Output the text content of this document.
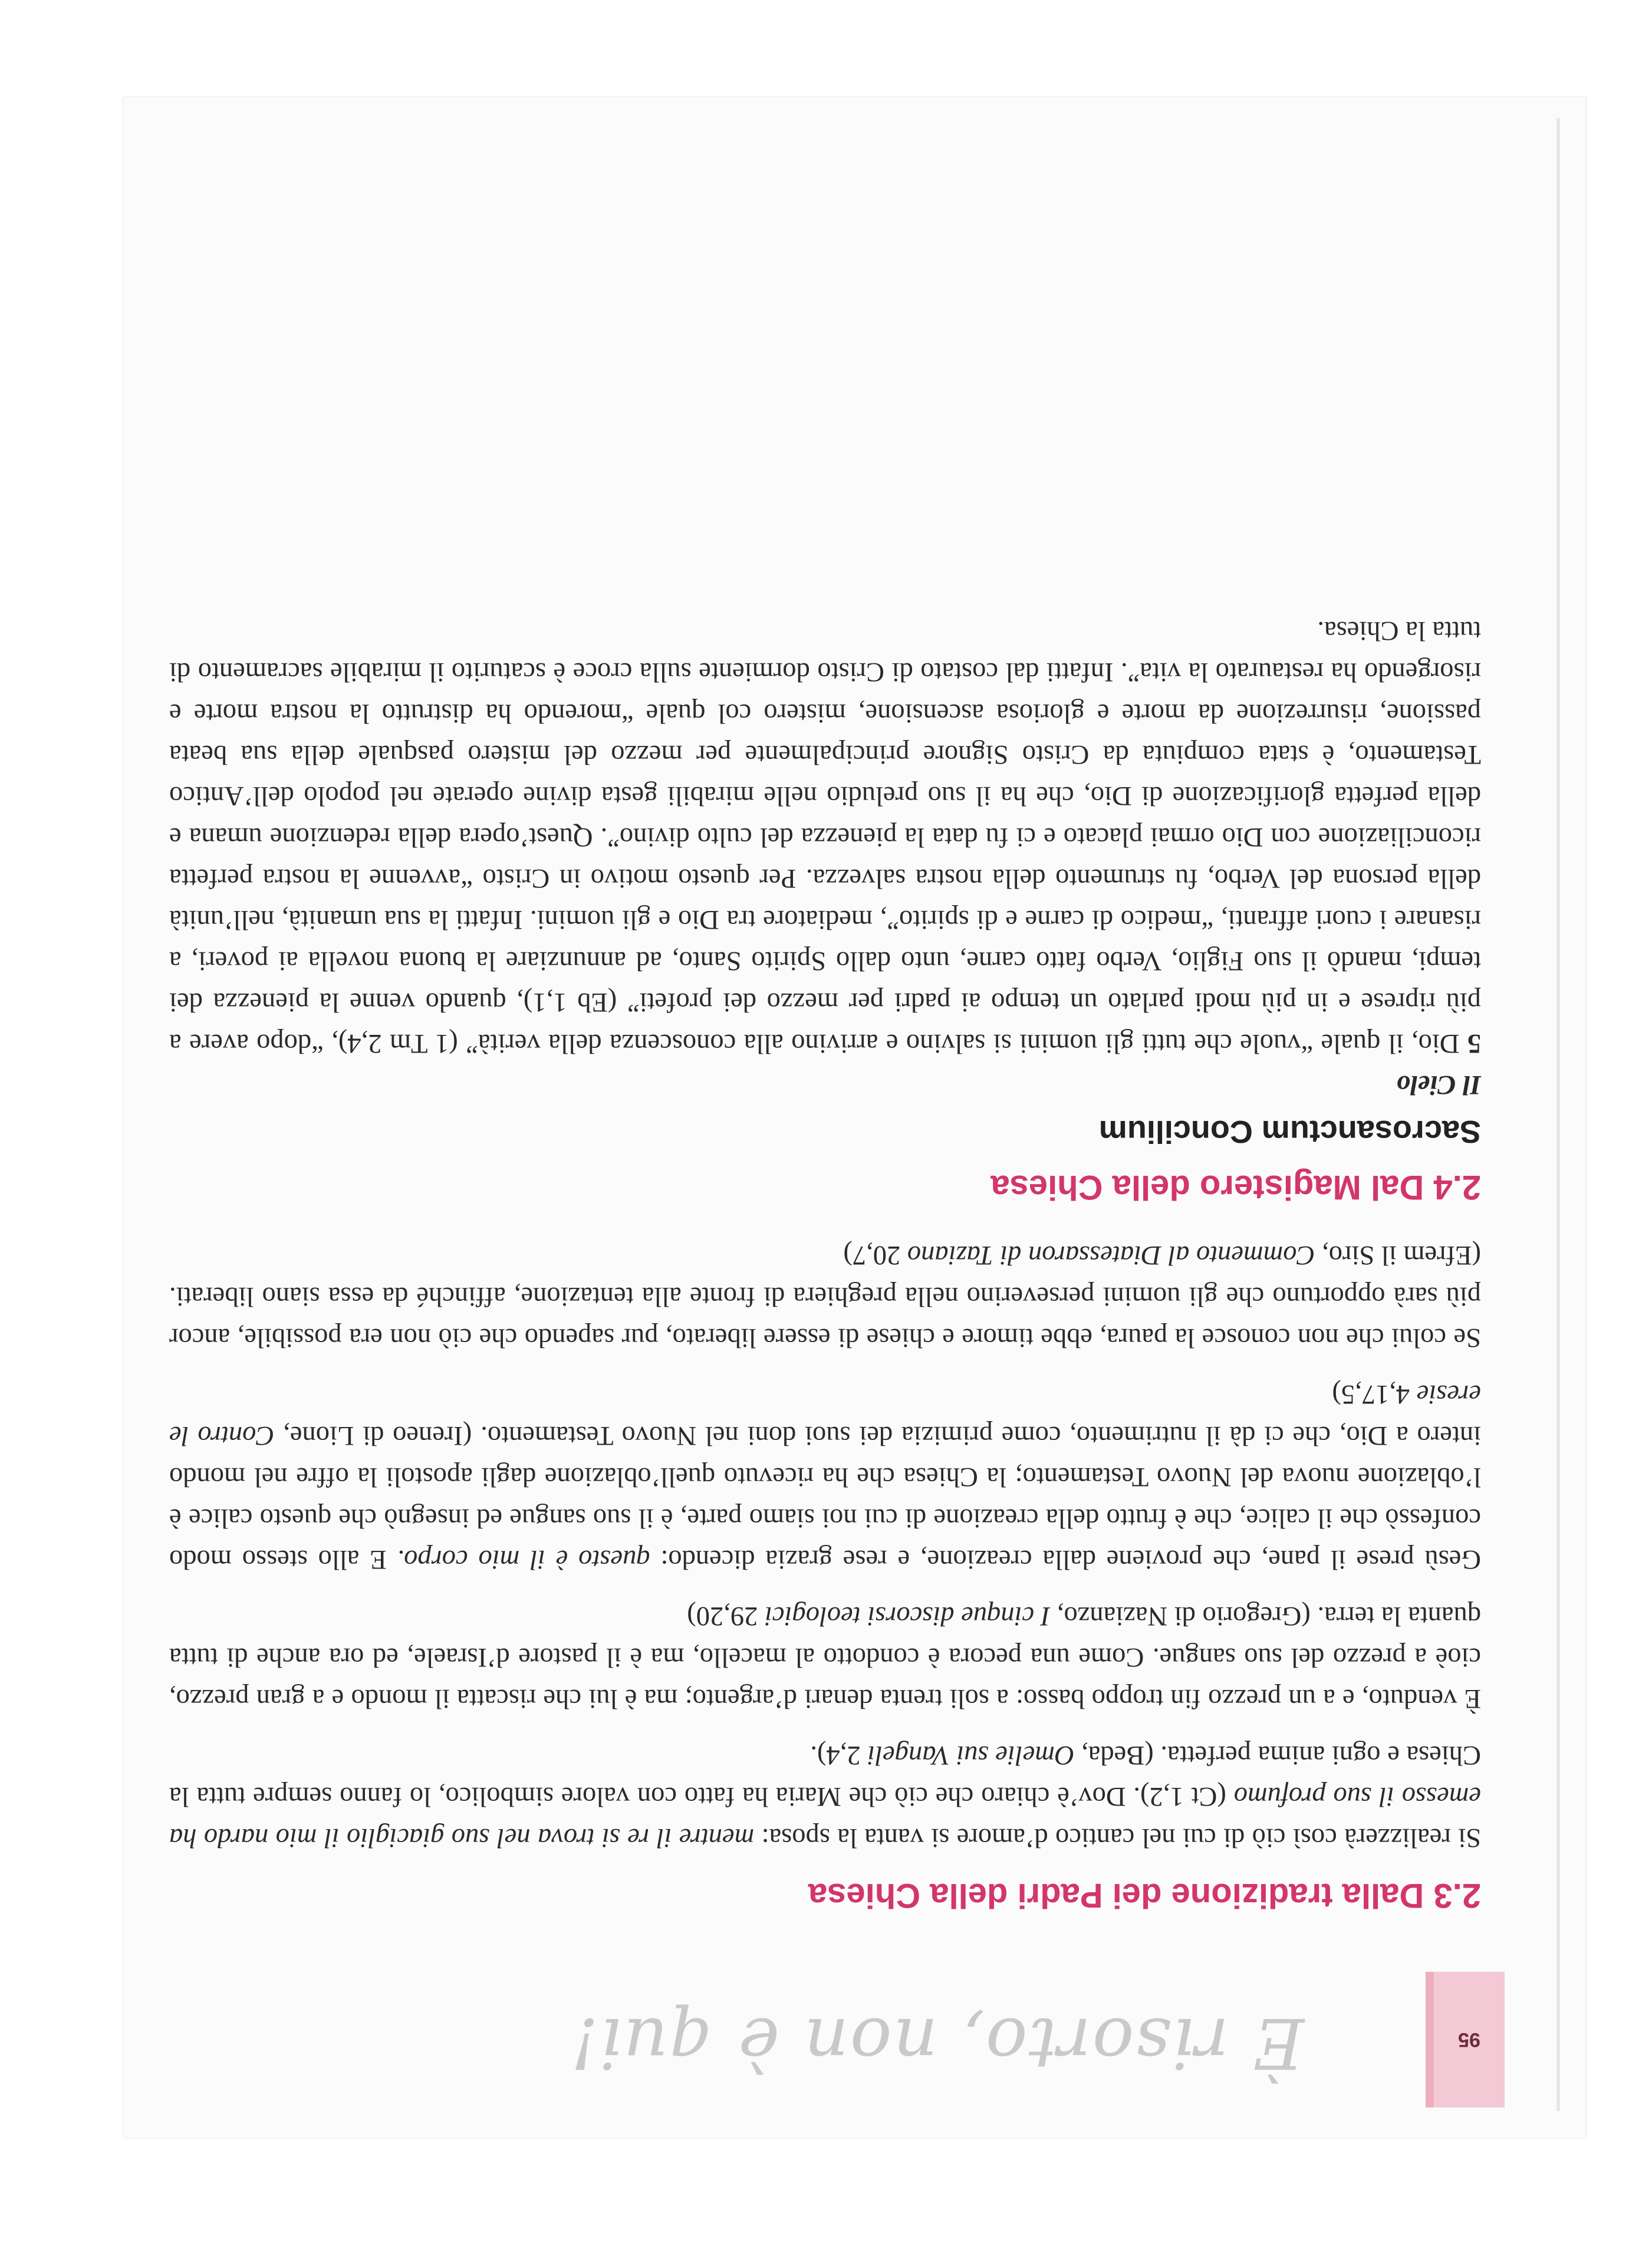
95
È risorto, non è qui!
2.3 Dalla tradizione dei Padri della Chiesa

Si realizzerà così ciò di cui nel cantico d’amore si vanta la sposa: mentre il re si trova nel suo giaciglio il mio nardo ha emesso il suo profumo (Ct 1,2). Dov’è chiaro che ciò che Maria ha fatto con valore simbolico, lo fanno sempre tutta la Chiesa e ogni anima perfetta. (Beda, Omelie sui Vangeli 2,4).

È venduto, e a un prezzo fin troppo basso: a soli trenta denari d’argento; ma è lui che riscatta il mondo e a gran prezzo, cioè a prezzo del suo sangue. Come una pecora è condotto al macello, ma è il pastore d’Israele, ed ora anche di tutta quanta la terra. (Gregorio di Nazianzo, I cinque discorsi teologici 29,20)

Gesù prese il pane, che proviene dalla creazione, e rese grazia dicendo: questo è il mio corpo. E allo stesso modo confessò che il calice, che è frutto della creazione di cui noi siamo parte, è il suo sangue ed insegnò che questo calice è l’oblazione nuova del Nuovo Testamento; la Chiesa che ha ricevuto quell’oblazione dagli apostoli la offre nel mondo intero a Dio, che ci dà il nutrimento, come primizia dei suoi doni nel Nuovo Testamento. (Ireneo di Lione, Contro le eresie 4,17,5)

Se colui che non conosce la paura, ebbe timore e chiese di essere liberato, pur sapendo che ciò non era possibile, ancor più sarà opportuno che gli uomini perseverino nella preghiera di fronte alla tentazione, affinché da essa siano liberati. (Efrem il Siro, Commento al Diatessaron di Taziano 20,7)

2.4 Dal Magistero della Chiesa
Sacrosanctum Concilium

Il Cielo
5 Dio, il quale “vuole che tutti gli uomini si salvino e arrivino alla conoscenza della verità” (1 Tm 2,4), “dopo avere a più riprese e in più modi parlato un tempo ai padri per mezzo dei profeti” (Eb 1,1), quando venne la pienezza dei tempi, mandò il suo Figlio, Verbo fatto carne, unto dallo Spirito Santo, ad annunziare la buona novella ai poveri, a risanare i cuori affranti, “medico di carne e di spirito”, mediatore tra Dio e gli uomini. Infatti la sua umanità, nell’unità della persona del Verbo, fu strumento della nostra salvezza. Per questo motivo in Cristo “avvenne la nostra perfetta riconciliazione con Dio ormai placato e ci fu data la pienezza del culto divino”. Quest’opera della redenzione umana e della perfetta glorificazione di Dio, che ha il suo preludio nelle mirabili gesta divine operate nel popolo dell’Antico Testamento, è stata compiuta da Cristo Signore principalmente per mezzo del mistero pasquale della sua beata passione, risurrezione da morte e gloriosa ascensione, mistero col quale “morendo ha distrutto la nostra morte e risorgendo ha restaurato la vita”. Infatti dal costato di Cristo dormiente sulla croce è scaturito il mirabile sacramento di tutta la Chiesa.
